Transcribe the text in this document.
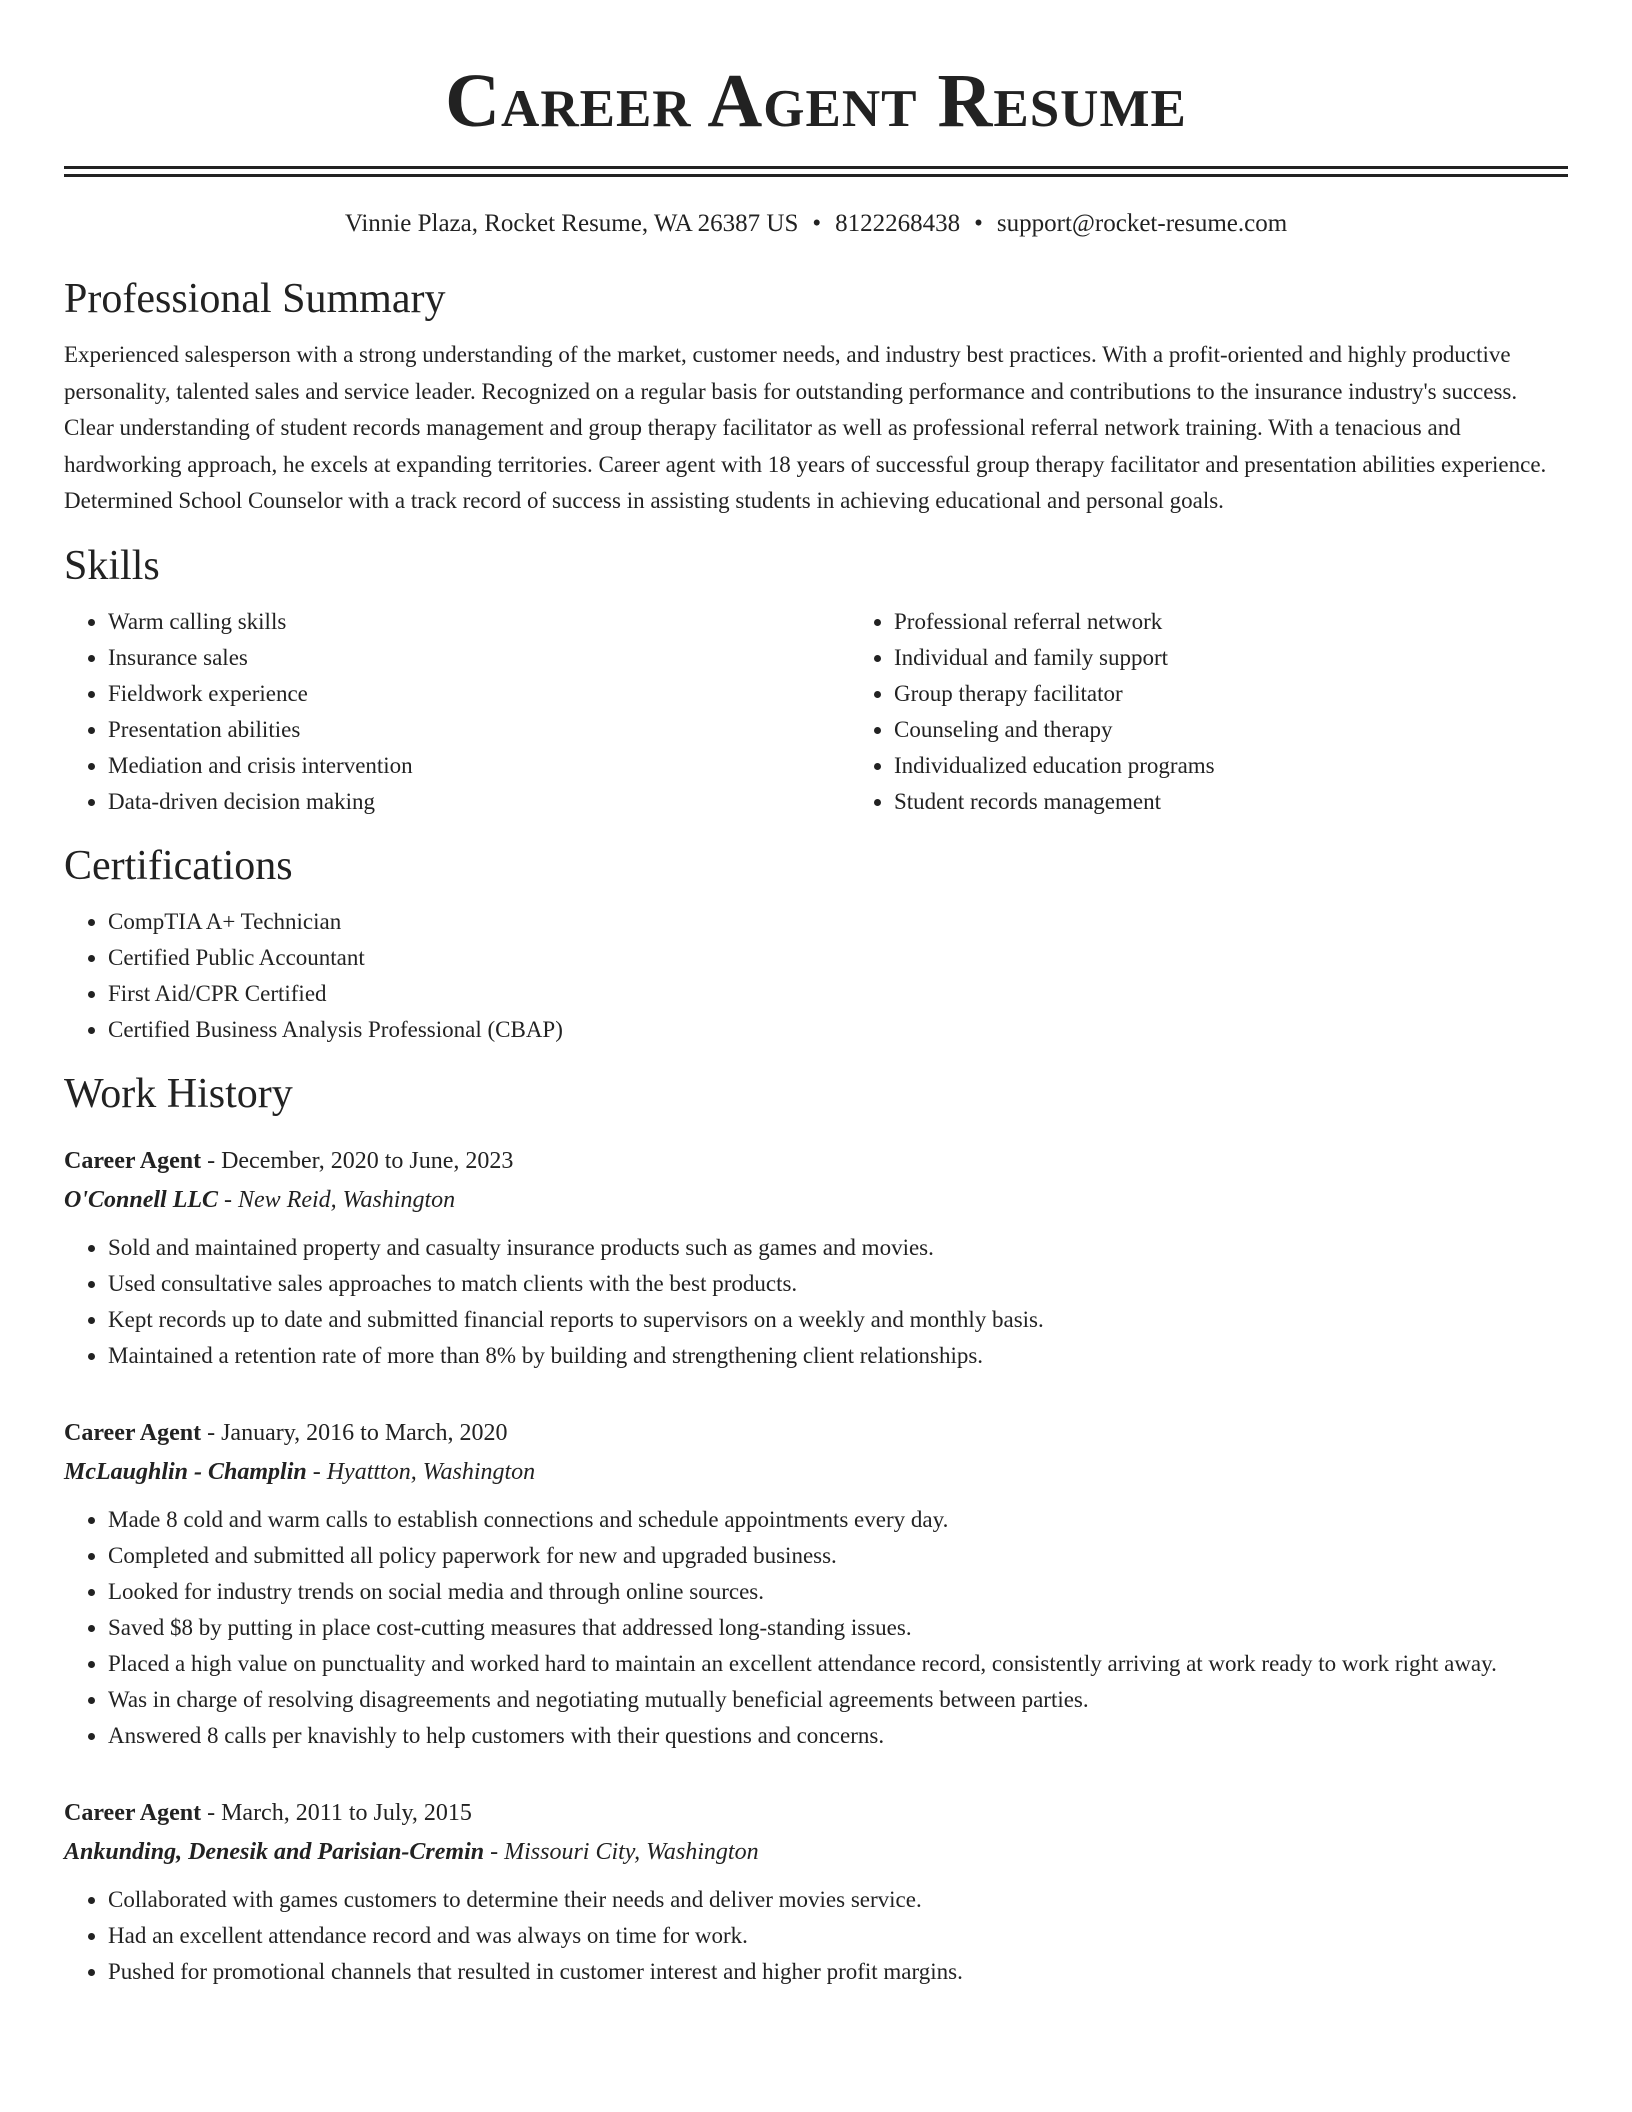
Career Agent Resume
Vinnie Plaza, Rocket Resume, WA 26387 US • 8122268438 • support@rocket-resume.com
Professional Summary

Experienced salesperson with a strong understanding of the market, customer needs, and industry best practices. With a profit-oriented and highly productive personality, talented sales and service leader. Recognized on a regular basis for outstanding performance and contributions to the insurance industry's success. Clear understanding of student records management and group therapy facilitator as well as professional referral network training. With a tenacious and hardworking approach, he excels at expanding territories. Career agent with 18 years of successful group therapy facilitator and presentation abilities experience. Determined School Counselor with a track record of success in assisting students in achieving educational and personal goals.

Skills
• Warm calling skills
• Insurance sales
• Fieldwork experience
• Presentation abilities
• Mediation and crisis intervention
• Data-driven decision making
• Professional referral network
• Individual and family support
• Group therapy facilitator
• Counseling and therapy
• Individualized education programs
• Student records management
Certifications
• CompTIA A+ Technician
• Certified Public Accountant
• First Aid/CPR Certified
• Certified Business Analysis Professional (CBAP)
Work History
Career Agent - December, 2020 to June, 2023
O'Connell LLC - New Reid, Washington
• Sold and maintained property and casualty insurance products such as games and movies.
• Used consultative sales approaches to match clients with the best products.
• Kept records up to date and submitted financial reports to supervisors on a weekly and monthly basis.
• Maintained a retention rate of more than 8% by building and strengthening client relationships.
Career Agent - January, 2016 to March, 2020
McLaughlin - Champlin - Hyattton, Washington
• Made 8 cold and warm calls to establish connections and schedule appointments every day.
• Completed and submitted all policy paperwork for new and upgraded business.
• Looked for industry trends on social media and through online sources.
• Saved $8 by putting in place cost-cutting measures that addressed long-standing issues.
• Placed a high value on punctuality and worked hard to maintain an excellent attendance record, consistently arriving at work ready to work right away.
• Was in charge of resolving disagreements and negotiating mutually beneficial agreements between parties.
• Answered 8 calls per knavishly to help customers with their questions and concerns.
Career Agent - March, 2011 to July, 2015
Ankunding, Denesik and Parisian-Cremin - Missouri City, Washington
• Collaborated with games customers to determine their needs and deliver movies service.
• Had an excellent attendance record and was always on time for work.
• Pushed for promotional channels that resulted in customer interest and higher profit margins.
